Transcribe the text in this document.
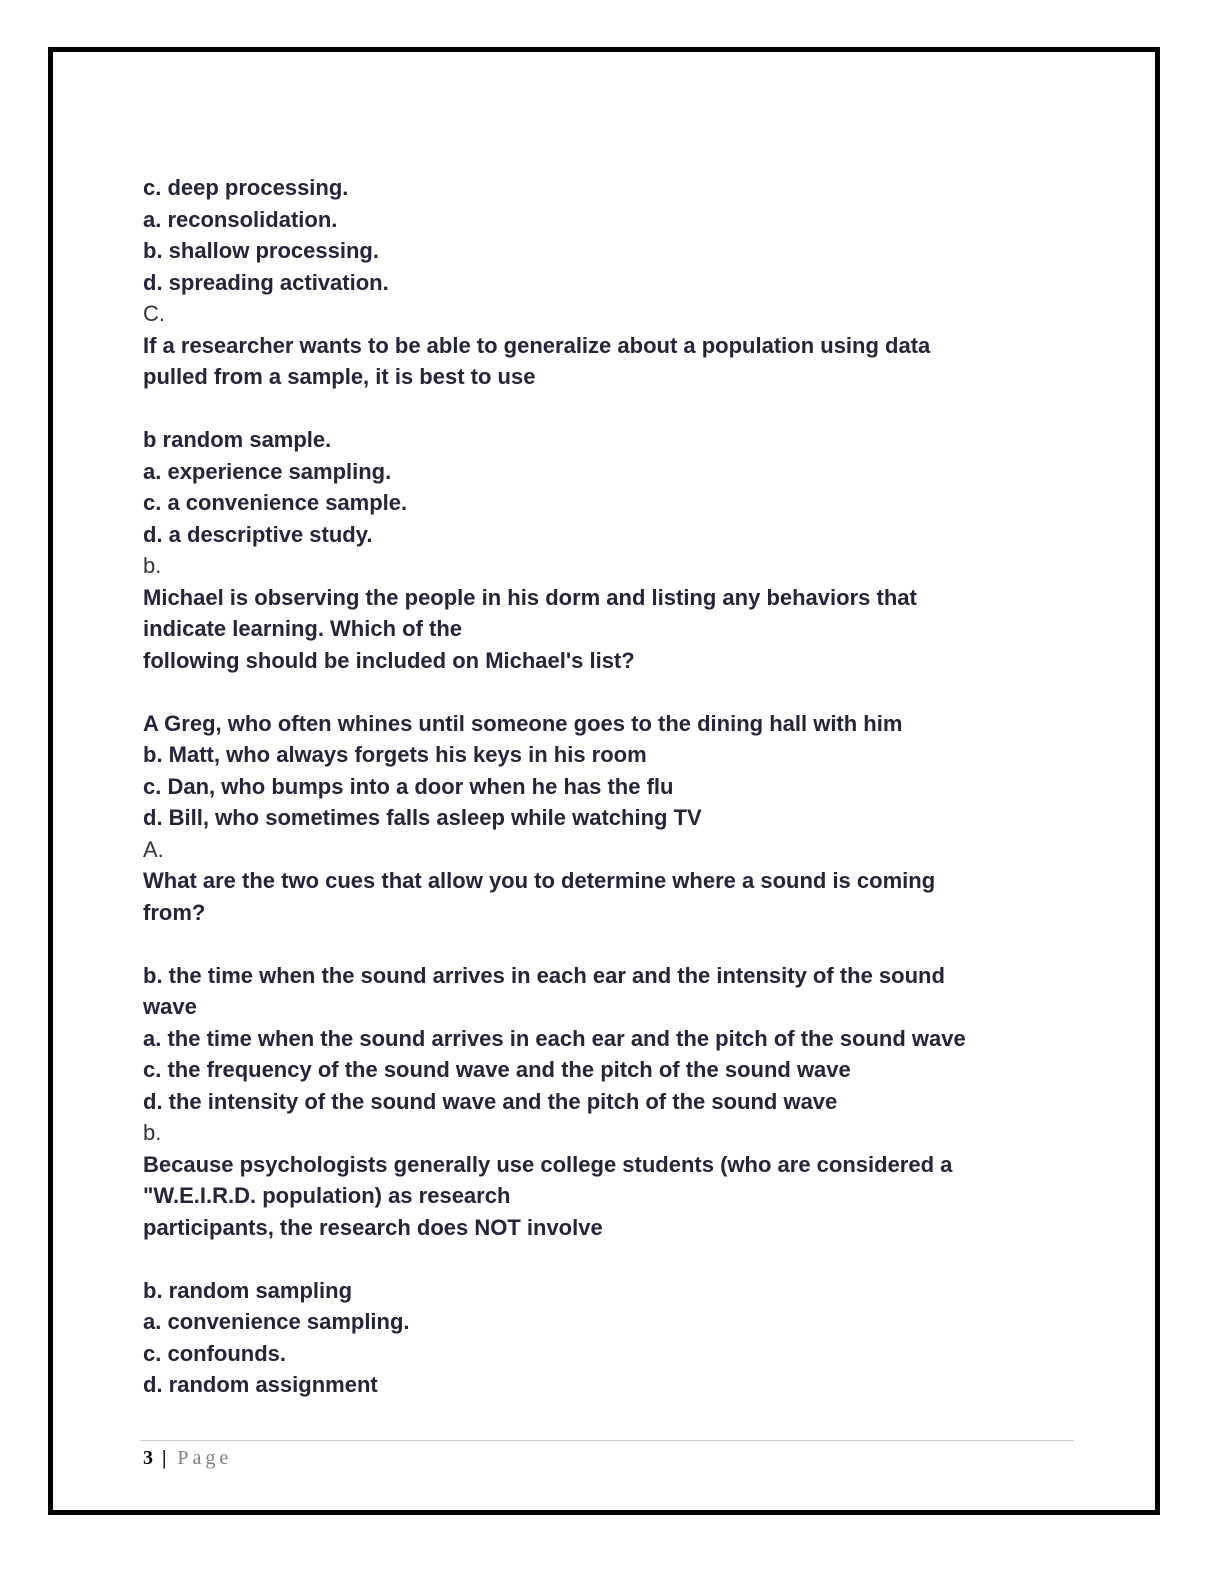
c. deep processing.
a. reconsolidation.
b. shallow processing.
d. spreading activation.
C.
If a researcher wants to be able to generalize about a population using data
pulled from a sample, it is best to use
b random sample.
a. experience sampling.
c. a convenience sample.
d. a descriptive study.
b.
Michael is observing the people in his dorm and listing any behaviors that
indicate learning. Which of the
following should be included on Michael's list?
A Greg, who often whines until someone goes to the dining hall with him
b. Matt, who always forgets his keys in his room
c. Dan, who bumps into a door when he has the flu
d. Bill, who sometimes falls asleep while watching TV
A.
What are the two cues that allow you to determine where a sound is coming
from?
b. the time when the sound arrives in each ear and the intensity of the sound
wave
a. the time when the sound arrives in each ear and the pitch of the sound wave
c. the frequency of the sound wave and the pitch of the sound wave
d. the intensity of the sound wave and the pitch of the sound wave
b.
Because psychologists generally use college students (who are considered a
"W.E.I.R.D. population) as research
participants, the research does NOT involve
b. random sampling
a. convenience sampling.
c. confounds.
d. random assignment
3 | Page
